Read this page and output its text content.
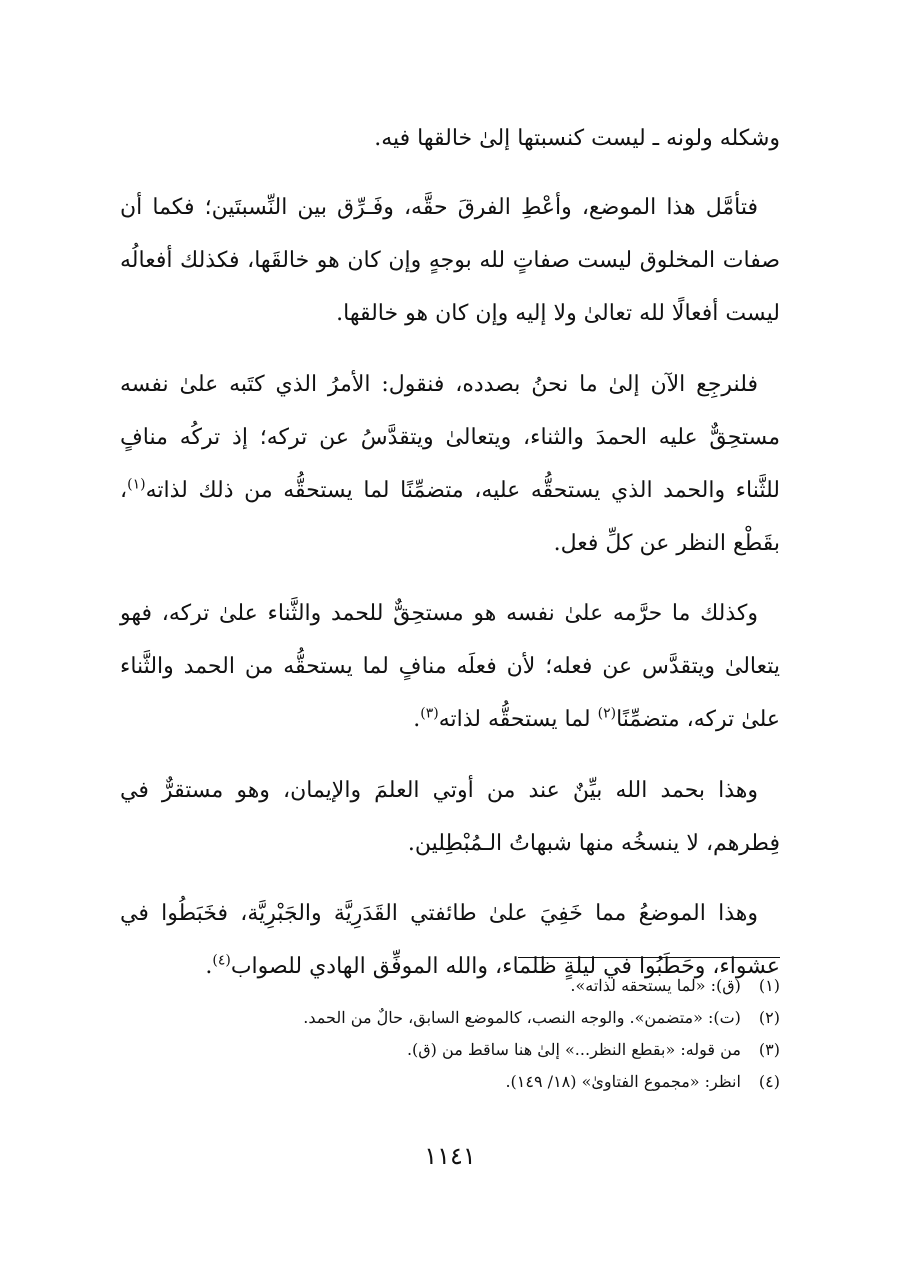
وشكله ولونه ـ ليست كنسبتها إلىٰ خالقها فيه.

فتأمَّل هذا الموضع، وأعْطِ الفرقَ حقَّه، وفَـرِّق بين النِّسبتَين؛ فكما أن صفات المخلوق ليست صفاتٍ لله بوجهٍ وإن كان هو خالقَها، فكذلك أفعالُه ليست أفعالًا لله تعالىٰ ولا إليه وإن كان هو خالقها.

فلنرجِع الآن إلىٰ ما نحنُ بصدده، فنقول: الأمرُ الذي كتَبه علىٰ نفسه مستحِقٌّ عليه الحمدَ والثناء، ويتعالىٰ ويتقدَّسُ عن تركه؛ إذ تركُه منافٍ للثَّناء والحمد الذي يستحقُّه عليه، متضمِّنًا لما يستحقُّه من ذلك لذاته$^{(١)}$، بقَطْع النظر عن كلِّ فعل.

وكذلك ما حرَّمه علىٰ نفسه هو مستحِقٌّ للحمد والثَّناء علىٰ تركه، فهو يتعالىٰ ويتقدَّس عن فعله؛ لأن فعلَه منافٍ لما يستحقُّه من الحمد والثَّناء علىٰ تركه، متضمِّنًا$^{(٢)}$ لما يستحقُّه لذاته$^{(٣)}$.

وهذا بحمد الله بيِّنٌ عند من أوتي العلمَ والإيمان، وهو مستقرٌّ في فِطرهم، لا ينسخُه منها شبهاتُ الـمُبْطِلين.

وهذا الموضعُ مما خَفِيَ علىٰ طائفتي القَدَرِيَّة والجَبْرِيَّة، فخَبَطُوا في عشواء، وحَطَبُوا في ليلةٍ ظلماء، والله الموفِّق الهادي للصواب$^{(٤)}$.

(١) (ق): «لما يستحقه لذاته».
(٢) (ت): «متضمن». والوجه النصب، كالموضع السابق، حالٌ من الحمد.
(٣) من قوله: «بقطع النظر...» إلىٰ هنا ساقط من (ق).
(٤) انظر: «مجموع الفتاوىٰ» (١٨/ ١٤٩).
١١٤١
